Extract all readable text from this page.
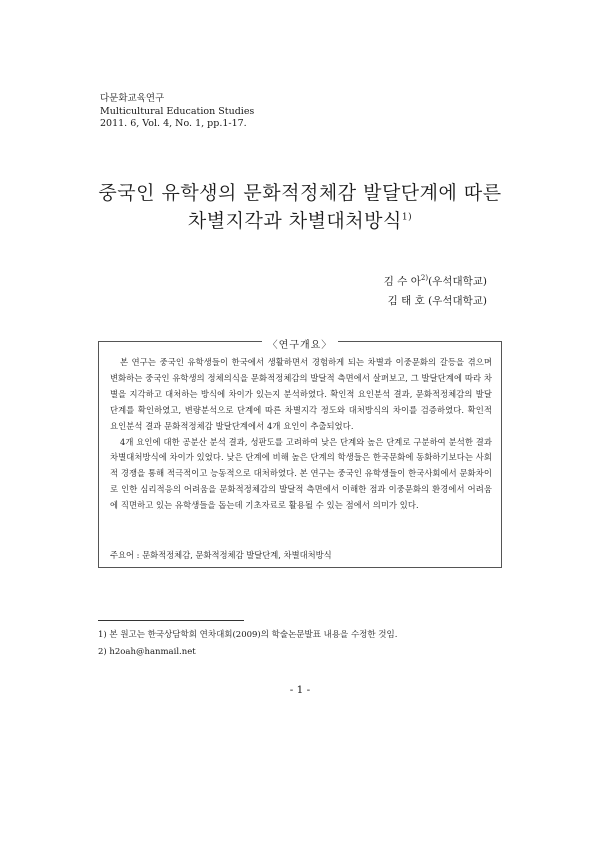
다문화교육연구
Multicultural Education Studies
2011. 6, Vol. 4, No. 1, pp.1-17.
중국인 유학생의 문화적정체감 발달단계에 따른
차별지각과 차별대처방식$^{1)}$
김 수 아$^{2)}$(우석대학교)
김 태 호 (우석대학교)
〈연구개요〉

본 연구는 중국인 유학생들이 한국에서 생활하면서 경험하게 되는 차별과 이중문화의 갈등을 겪으며 변화하는 중국인 유학생의 정체의식을 문화적정체감의 발달적 측면에서 살펴보고, 그 발달단계에 따라 차별을 지각하고 대처하는 방식에 차이가 있는지 분석하였다. 확인적 요인분석 결과, 문화적정체감의 발달단계를 확인하였고, 변량분석으로 단계에 따른 차별지각 정도와 대처방식의 차이를 검증하였다. 확인적 요인분석 결과 문화적정체감 발달단계에서 4개 요인이 추출되었다.

4개 요인에 대한 공분산 분석 결과, 성판도를 고려하여 낮은 단계와 높은 단계로 구분하여 분석한 결과 차별대처방식에 차이가 있었다. 낮은 단계에 비해 높은 단계의 학생들은 한국문화에 동화하기보다는 사회적 경쟁을 통해 적극적이고 능동적으로 대처하였다. 본 연구는 중국인 유학생들이 한국사회에서 문화차이로 인한 심리적응의 어려움을 문화적정체감의 발달적 측면에서 이해한 점과 이중문화의 환경에서 어려움에 직면하고 있는 유학생들을 돕는데 기초자료로 활용될 수 있는 점에서 의미가 있다.

주요어 : 문화적정체감, 문화적정체감 발달단계, 차별대처방식
1) 본 원고는 한국상담학회 연차대회(2009)의 학술논문발표 내용을 수정한 것임.
2) h2oah@hanmail.net
- 1 -
